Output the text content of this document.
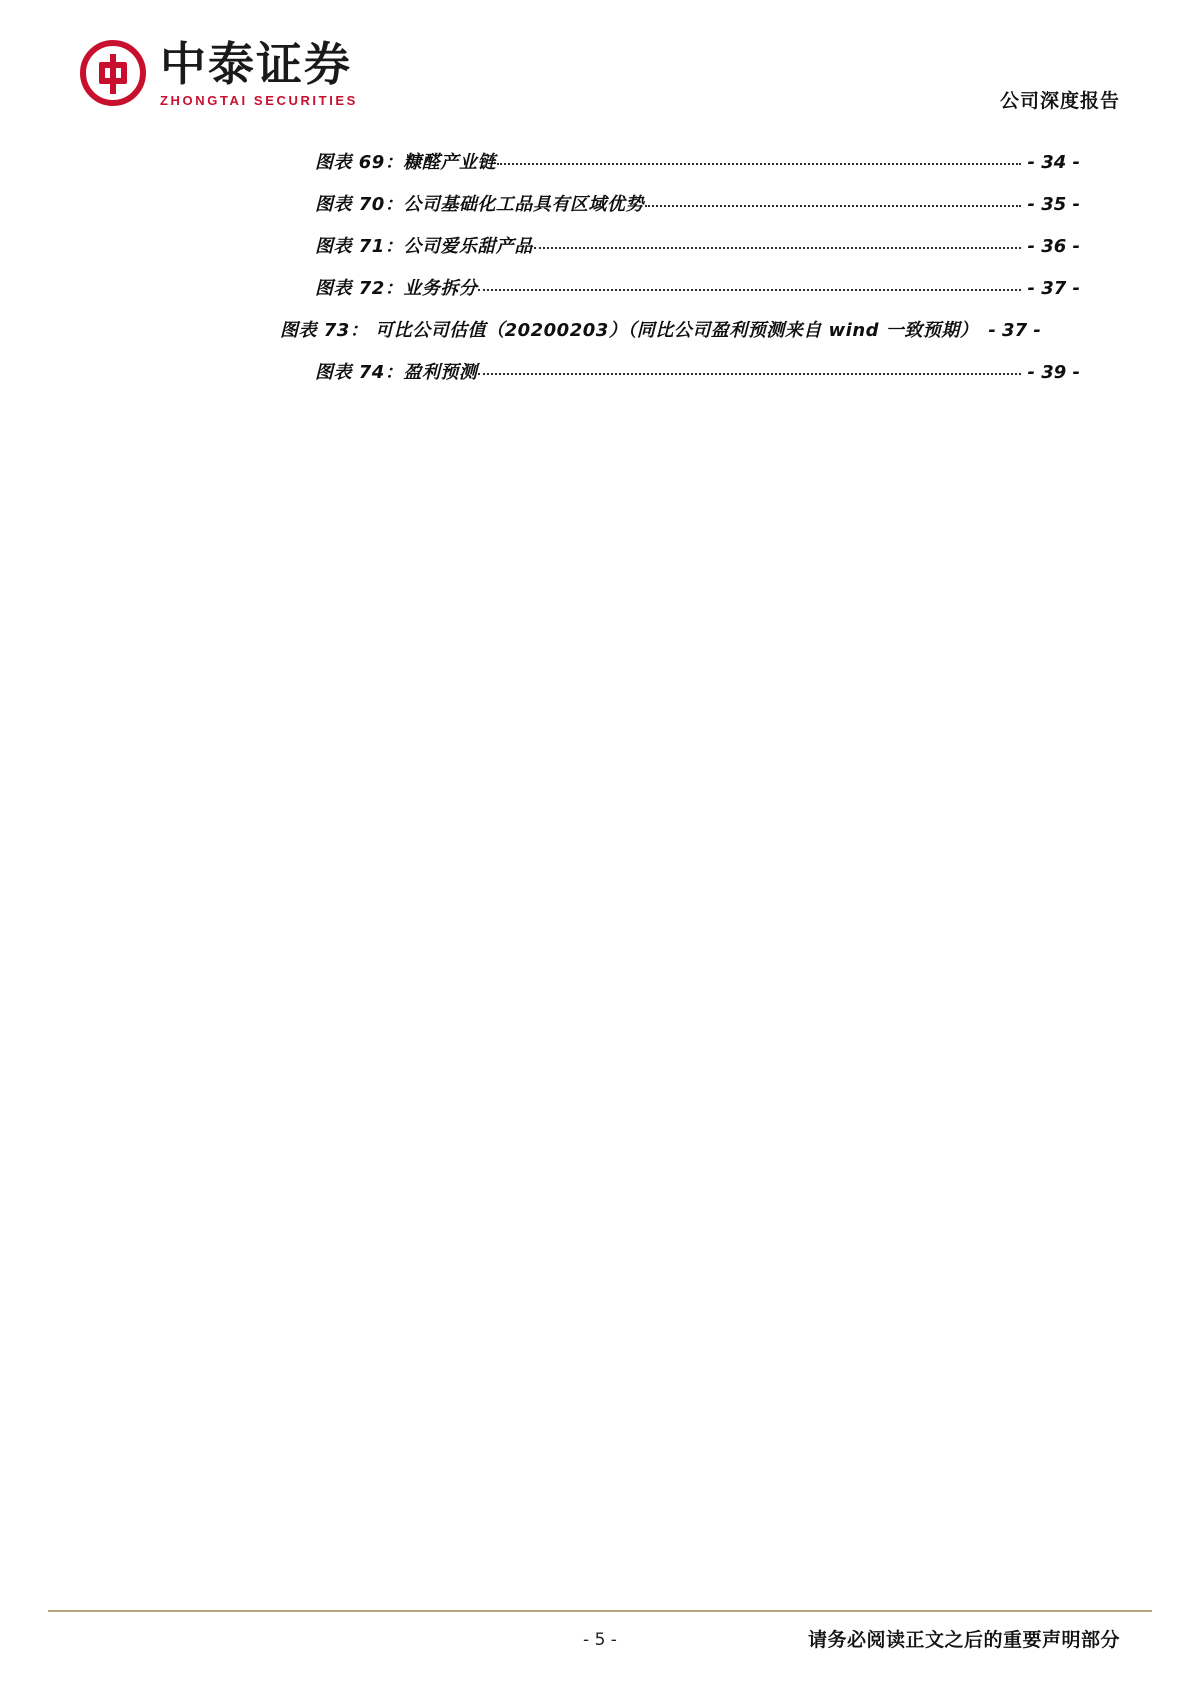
中泰证券
ZHONGTAI SECURITIES	公司深度报告
图表 69：糠醛产业链	- 34 -
图表 70：公司基础化工品具有区域优势	- 35 -
图表 71：公司爱乐甜产品	- 36 -
图表 72：业务拆分	- 37 -
图表 73： 可比公司估值（20200203）（同比公司盈利预测来自 wind 一致预期） - 37 -
图表 74：盈利预测	- 39 -
- 5 -	请务必阅读正文之后的重要声明部分
